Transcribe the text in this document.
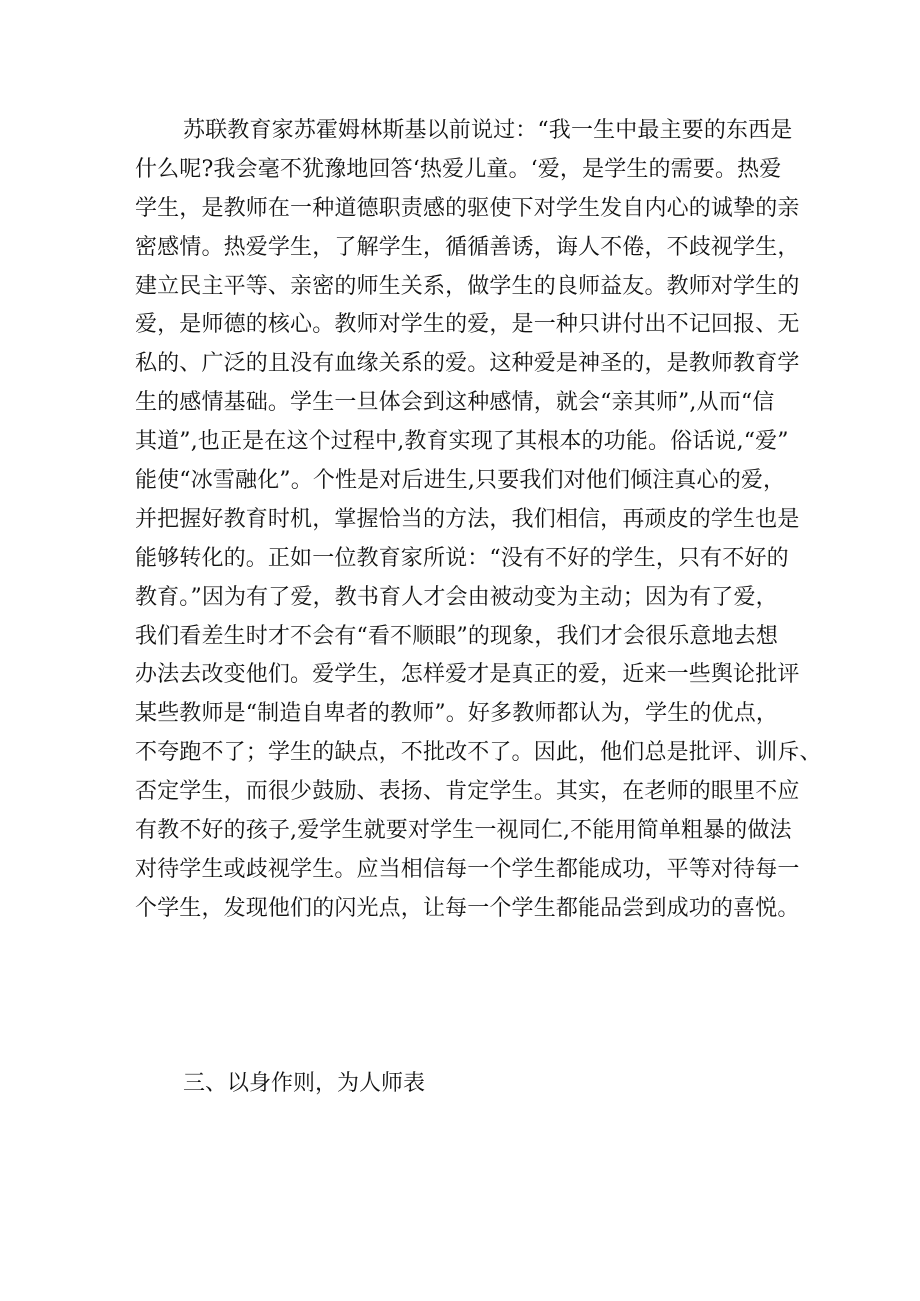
苏联教育家苏霍姆林斯基以前说过：“我一生中最主要的东西是
什么呢?我会毫不犹豫地回答‘热爱儿童。‘爱，是学生的需要。热爱
学生，是教师在一种道德职责感的驱使下对学生发自内心的诚挚的亲
密感情。热爱学生，了解学生，循循善诱，诲人不倦，不歧视学生，
建立民主平等、亲密的师生关系，做学生的良师益友。教师对学生的
爱，是师德的核心。教师对学生的爱，是一种只讲付出不记回报、无
私的、广泛的且没有血缘关系的爱。这种爱是神圣的，是教师教育学
生的感情基础。学生一旦体会到这种感情，就会“亲其师”,从而“信
其道”,也正是在这个过程中,教育实现了其根本的功能。俗话说,“爱”
能使“冰雪融化”。个性是对后进生,只要我们对他们倾注真心的爱，
并把握好教育时机，掌握恰当的方法，我们相信，再顽皮的学生也是
能够转化的。正如一位教育家所说：“没有不好的学生，只有不好的
教育。”因为有了爱，教书育人才会由被动变为主动；因为有了爱，
我们看差生时才不会有“看不顺眼”的现象，我们才会很乐意地去想
办法去改变他们。爱学生，怎样爱才是真正的爱，近来一些舆论批评
某些教师是“制造自卑者的教师”。好多教师都认为，学生的优点，
不夸跑不了；学生的缺点，不批改不了。因此，他们总是批评、训斥、
否定学生，而很少鼓励、表扬、肯定学生。其实，在老师的眼里不应
有教不好的孩子,爱学生就要对学生一视同仁,不能用简单粗暴的做法
对待学生或歧视学生。应当相信每一个学生都能成功，平等对待每一
个学生，发现他们的闪光点，让每一个学生都能品尝到成功的喜悦。
三、以身作则，为人师表
